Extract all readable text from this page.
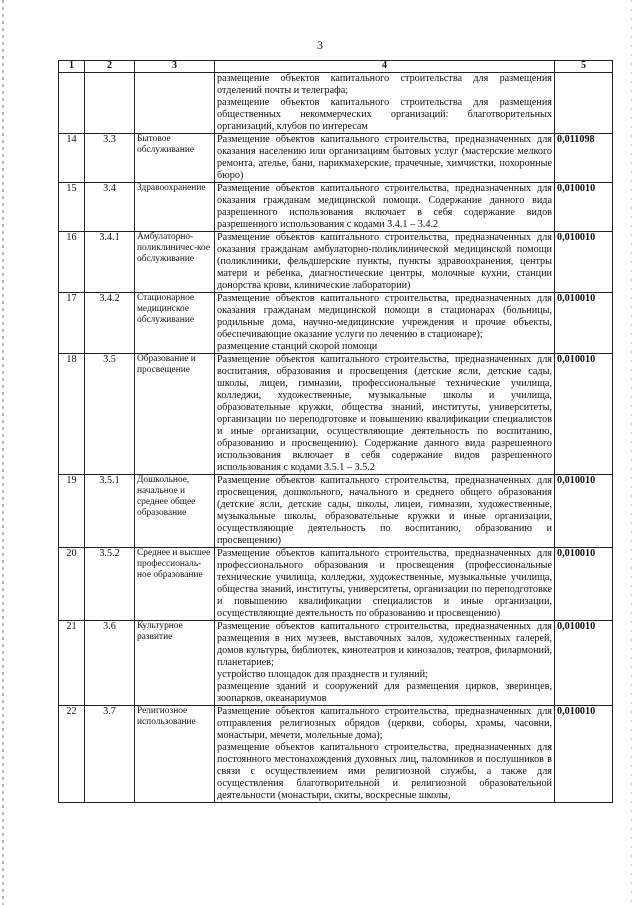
3
1	2	3	4	5

			размещение объектов капитального строительства для размещения отделений почты и телеграфа;
размещение объектов капитального строительства для размещения общественных некоммерческих организаций: благотворительных организаций, клубов по интересам	

14	3.3	Бытовое обслуживание	Размещение объектов капитального строительства, предназначенных для оказания населению или организациям бытовых услуг (мастерские мелкого ремонта, ателье, бани, парикмахерские, прачечные, химчистки, похоронные бюро)	0,011098
15	3.4	Здравоохранение	Размещение объектов капитального строительства, предназначенных для оказания гражданам медицинской помощи. Содержание данного вида разрешенного использования включает в себя содержание видов разрешенного использования с кодами 3.4.1 – 3.4.2	0,010010
16	3.4.1	Амбулаторно-поликлиничес-кое обслуживание	Размещение объектов капитального строительства, предназначенных для оказания гражданам амбулаторно-поликлинической медицинской помощи (поликлиники, фельдшерские пункты, пункты здравоохранения, центры матери и ребенка, диагностические центры, молочные кухни, станции донорства крови, клинические лаборатории)	0,010010
17	3.4.2	Стационарное медицинское обслуживание	Размещение объектов капитального строительства, предназначенных для оказания гражданам медицинской помощи в стационарах (больницы, родильные дома, научно-медицинские учреждения и прочие объекты, обеспечивающие оказание услуги по лечению в стационаре);
размещение станций скорой помощи	0,010010
18	3.5	Образование и просвещение	Размещение объектов капитального строительства, предназначенных для воспитания, образования и просвещения (детские ясли, детские сады, школы, лицеи, гимназии, профессиональные технические училища, колледжи, художественные, музыкальные школы и училища, образовательные кружки, общества знаний, институты, университеты, организации по переподготовке и повышению квалификации специалистов и иные организации, осуществляющие деятельность по воспитанию, образованию и просвещению). Содержание данного вида разрешенного использования включает в себя содержание видов разрешенного использования с кодами 3.5.1 – 3.5.2	0,010010
19	3.5.1	Дошкольное, начальное и среднее общее образование	Размещение объектов капитального строительства, предназначенных для просвещения, дошкольного, начального и среднего общего образования (детские ясли, детские сады, школы, лицеи, гимназии, художественные, музыкальные школы, образовательные кружки и иные организации, осуществляющие деятельность по воспитанию, образованию и просвещению)	0,010010
20	3.5.2	Среднее и высшее профессиональ-ное образование	Размещение объектов капитального строительства, предназначенных для профессионального образования и просвещения (профессиональные технические училища, колледжи, художественные, музыкальные училища, общества знаний, институты, университеты, организации по переподготовке и повышению квалификации специалистов и иные организации, осуществляющие деятельность по образованию и просвещению)	0,010010
21	3.6	Культурное развитие	Размещение объектов капитального строительства, предназначенных для размещения в них музеев, выставочных залов, художественных галерей, домов культуры, библиотек, кинотеатров и кинозалов, театров, филармоний, планетариев;
устройство площадок для празднеств и гуляний;
размещение зданий и сооружений для размещения цирков, зверинцев, зоопарков, океанариумов	0,010010
22	3.7	Религиозное использование	Размещение объектов капитального строительства, предназначенных для отправления религиозных обрядов (церкви, соборы, храмы, часовни, монастыри, мечети, молельные дома);
размещение объектов капитального строительства, предназначенных для постоянного местонахождения духовных лиц, паломников и послушников в связи с осуществлением ими религиозной службы, а также для осуществления благотворительной и религиозной образовательной деятельности (монастыри, скиты, воскресные школы,	0,010010
